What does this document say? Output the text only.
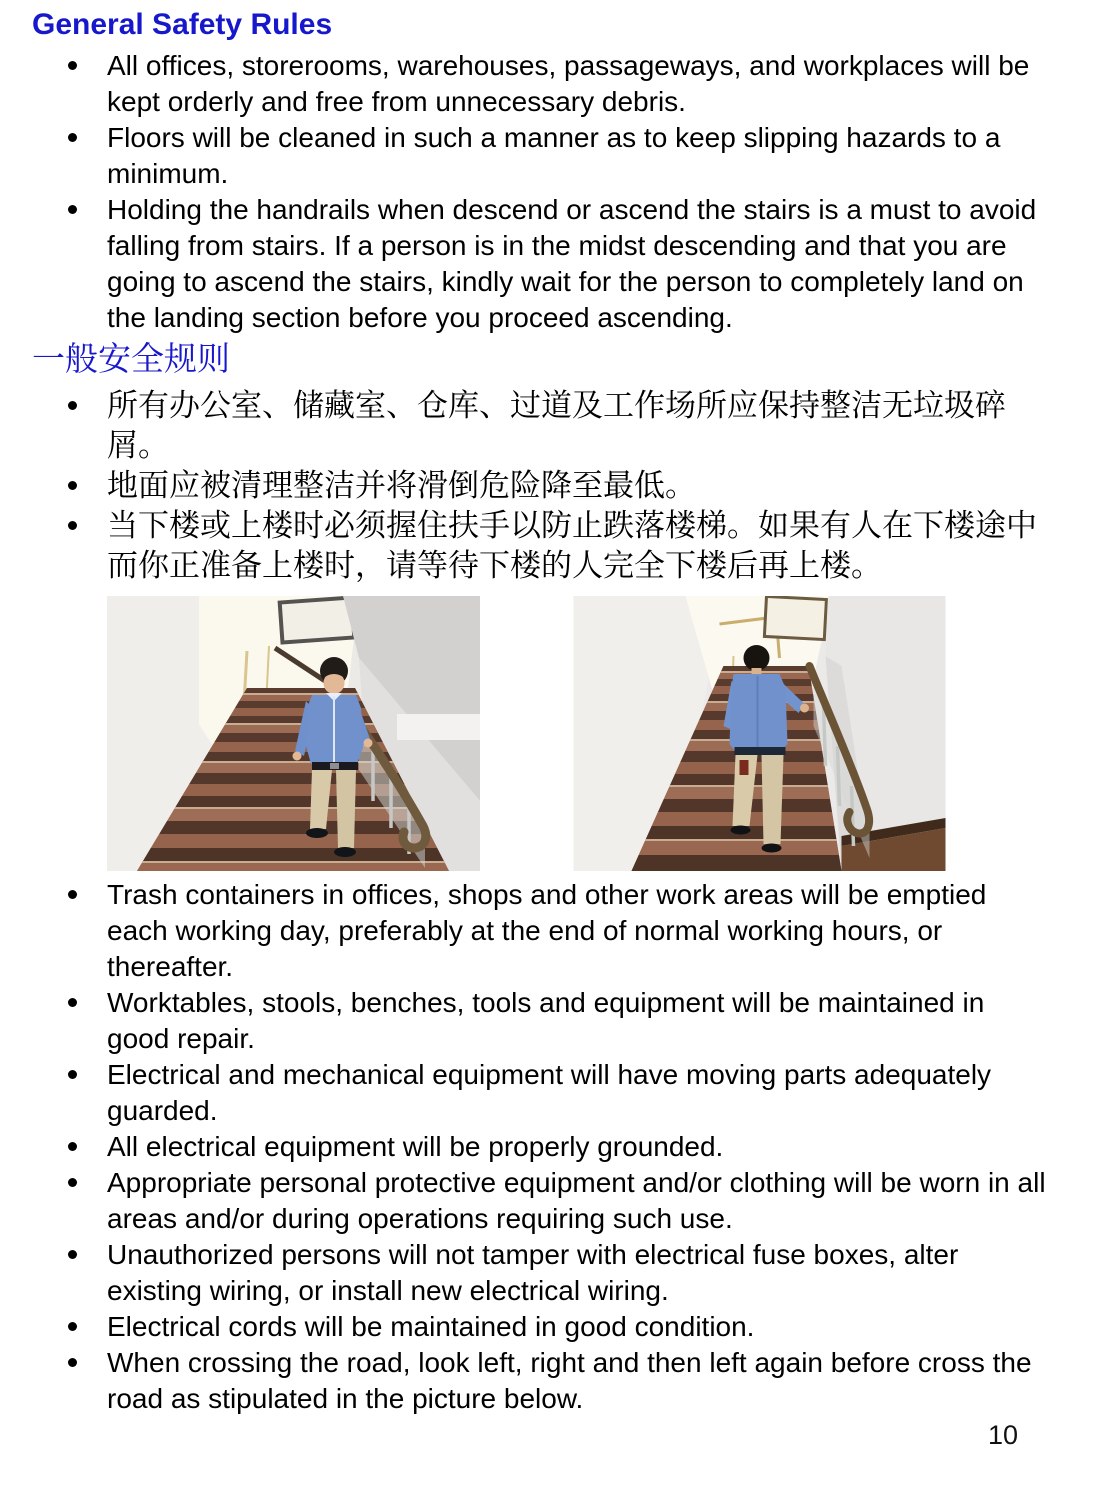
General Safety Rules
All offices, storerooms, warehouses, passageways, and workplaces will be kept orderly and free from unnecessary debris.
Floors will be cleaned in such a manner as to keep slipping hazards to a minimum.
Holding the handrails when descend or ascend the stairs is a must to avoid falling from stairs. If a person is in the midst descending and that you are going to ascend the stairs, kindly wait for the person to completely land on the landing section before you proceed ascending.
一般安全规则
所有办公室、储藏室、仓库、过道及工作场所应保持整洁无垃圾碎屑。
地面应被清理整洁并将滑倒危险降至最低。
当下楼或上楼时必须握住扶手以防止跌落楼梯。如果有人在下楼途中而你正准备上楼时，请等待下楼的人完全下楼后再上楼。
Trash containers in offices, shops and other work areas will be emptied each working day, preferably at the end of normal working hours, or thereafter.
Worktables, stools, benches, tools and equipment will be maintained in good repair.
Electrical and mechanical equipment will have moving parts adequately guarded.
All electrical equipment will be properly grounded.
Appropriate personal protective equipment and/or clothing will be worn in all areas and/or during operations requiring such use.
Unauthorized persons will not tamper with electrical fuse boxes, alter existing wiring, or install new electrical wiring.
Electrical cords will be maintained in good condition.
When crossing the road, look left, right and then left again before cross the road as stipulated in the picture below.
10
